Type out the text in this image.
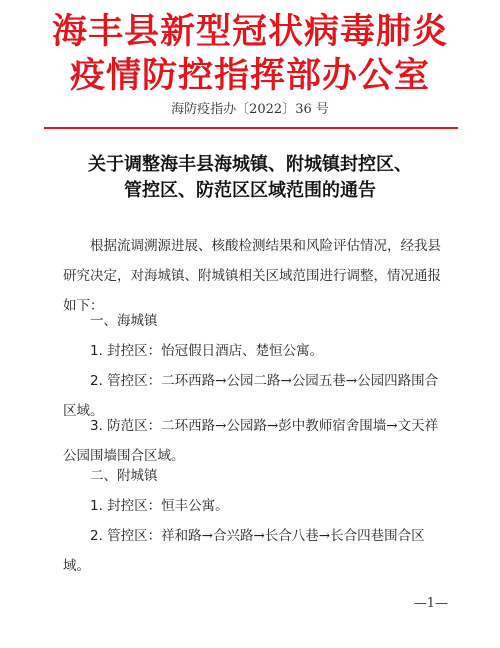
海丰县新型冠状病毒肺炎
疫情防控指挥部办公室
海防疫指办〔2022〕36 号
关于调整海丰县海城镇、附城镇封控区、
管控区、防范区区域范围的通告

根据流调溯源进展、核酸检测结果和风险评估情况，经我县研究决定，对海城镇、附城镇相关区域范围进行调整，情况通报如下：

一、海城镇

1. 封控区：怡冠假日酒店、楚恒公寓。

2. 管控区：二环西路→公园二路→公园五巷→公园四路围合区域。

3. 防范区：二环西路→公园路→彭中教师宿舍围墙→文天祥公园围墙围合区域。

二、附城镇

1. 封控区：恒丰公寓。

2. 管控区：祥和路→合兴路→长合八巷→长合四巷围合区域。

—1—
